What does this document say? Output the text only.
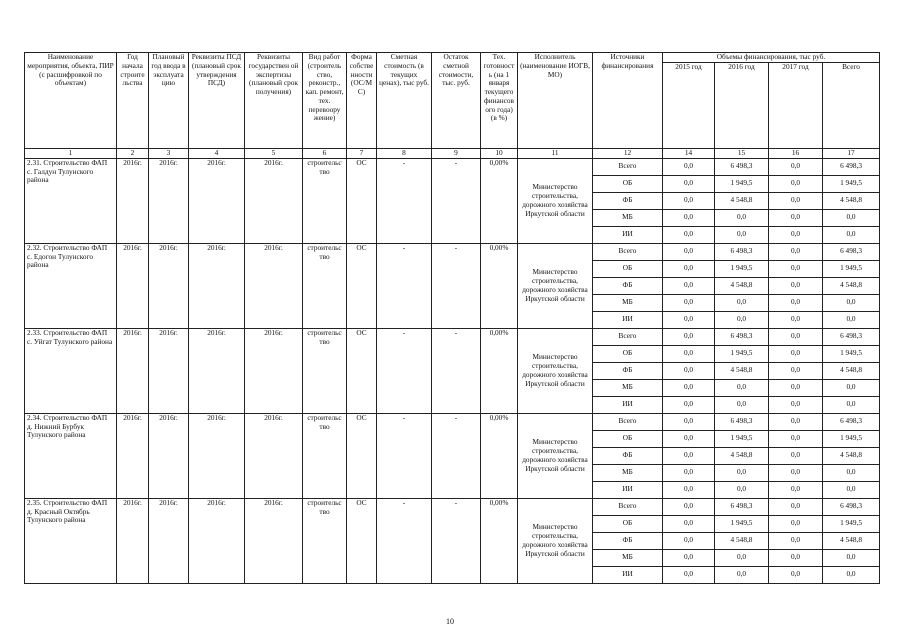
Наименование мероприятия, объекта, ПИР (с расшифровкой по объектам)	Год начала строите льства	Плановый год ввода в эксплуата цию	Реквизиты ПСД (плановый срок утверждения ПСД)	Реквизиты государствен ой экспертизы (плановый срок получения)	Вид работ (строитель ство, реконстр., кап. ремонт, тех. перевоору жение)	Форма собстве нности (ОС/М С)	Сметная стоимость (в текущих ценах), тыс руб.	Остаток сметной стоимости, тыс. руб.	Тех. готовност ь (на 1 января текущего финансов ого года) (в %)	Исполнитель (наименование ИОГВ, МО)	Источники финансирования	Объемы финансирования, тыс руб.			
												2015 год	2016 год	2017 год	Всего
1	2	3	4	5	6	7	8	9	10	11	12	14	15	16	17
2.31. Строительство ФАП с. Галдун Тулунского района	2016г.	2016г.	2016г.	2016г.	строительс тво	ОС	-	-	0,00%	Министерство строительства, дорожного хозяйства Иркутской области	Всего	0,0	6 498,3	0,0	6 498,3
											ОБ	0,0	1 949,5	0,0	1 949,5
											ФБ	0,0	4 548,8	0,0	4 548,8
											МБ	0,0	0,0	0,0	0,0
											ИИ	0,0	0,0	0,0	0,0
2.32. Строительство ФАП с. Едогон Тулунского района	2016г.	2016г.	2016г.	2016г.	строительс тво	ОС	-	-	0,00%	Министерство строительства, дорожного хозяйства Иркутской области	Всего	0,0	6 498,3	0,0	6 498,3
											ОБ	0,0	1 949,5	0,0	1 949,5
											ФБ	0,0	4 548,8	0,0	4 548,8
											МБ	0,0	0,0	0,0	0,0
											ИИ	0,0	0,0	0,0	0,0
2.33. Строительство ФАП с. Уйгат Тулунского района	2016г.	2016г.	2016г.	2016г.	строительс тво	ОС	-	-	0,00%	Министерство строительства, дорожного хозяйства Иркутской области	Всего	0,0	6 498,3	0,0	6 498,3
											ОБ	0,0	1 949,5	0,0	1 949,5
											ФБ	0,0	4 548,8	0,0	4 548,8
											МБ	0,0	0,0	0,0	0,0
											ИИ	0,0	0,0	0,0	0,0
2.34. Строительство ФАП д. Нижний Бурбук Тулунского района	2016г.	2016г.	2016г.	2016г.	строительс тво	ОС	-	-	0,00%	Министерство строительства, дорожного хозяйства Иркутской области	Всего	0,0	6 498,3	0,0	6 498,3
											ОБ	0,0	1 949,5	0,0	1 949,5
											ФБ	0,0	4 548,8	0,0	4 548,8
											МБ	0,0	0,0	0,0	0,0
											ИИ	0,0	0,0	0,0	0,0
2.35. Строительство ФАП д. Красный Октябрь Тулунского района	2016г.	2016г.	2016г.	2016г.	строительс тво	ОС	-	-	0,00%	Министерство строительства, дорожного хозяйства Иркутской области	Всего	0,0	6 498,3	0,0	6 498,3
											ОБ	0,0	1 949,5	0,0	1 949,5
											ФБ	0,0	4 548,8	0,0	4 548,8
											МБ	0,0	0,0	0,0	0,0
											ИИ	0,0	0,0	0,0	0,0
10
